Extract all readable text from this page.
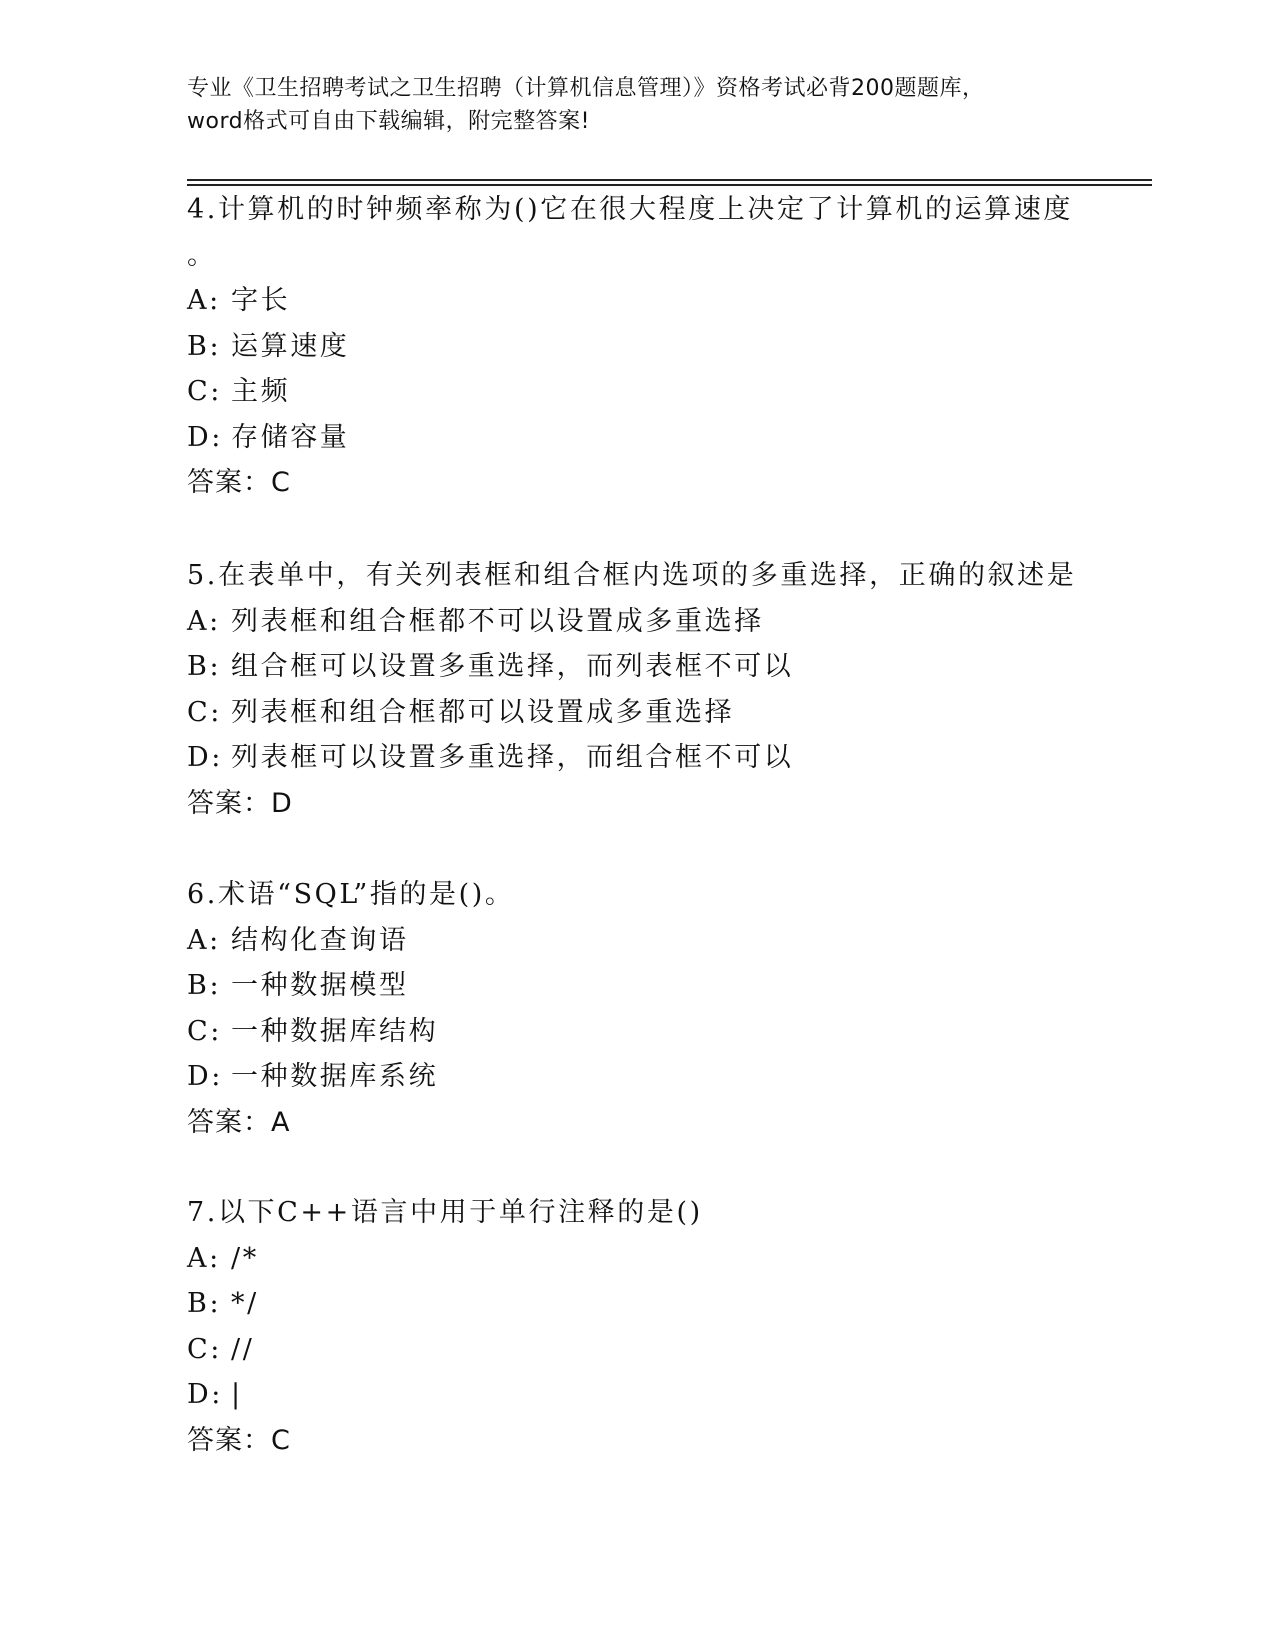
专业《卫生招聘考试之卫生招聘（计算机信息管理）》资格考试必背200题题库，
word格式可自由下载编辑，附完整答案!
4.计算机的时钟频率称为()它在很大程度上决定了计算机的运算速度
。
A: 字长
B: 运算速度
C: 主频
D: 存储容量
答案：C
5.在表单中，有关列表框和组合框内选项的多重选择，正确的叙述是
A: 列表框和组合框都不可以设置成多重选择
B: 组合框可以设置多重选择，而列表框不可以
C: 列表框和组合框都可以设置成多重选择
D: 列表框可以设置多重选择，而组合框不可以
答案：D
6.术语“SQL”指的是()。
A: 结构化查询语
B: 一种数据模型
C: 一种数据库结构
D: 一种数据库系统
答案：A
7.以下C++语言中用于单行注释的是()
A: /*
B: */
C: //
D: |
答案：C
